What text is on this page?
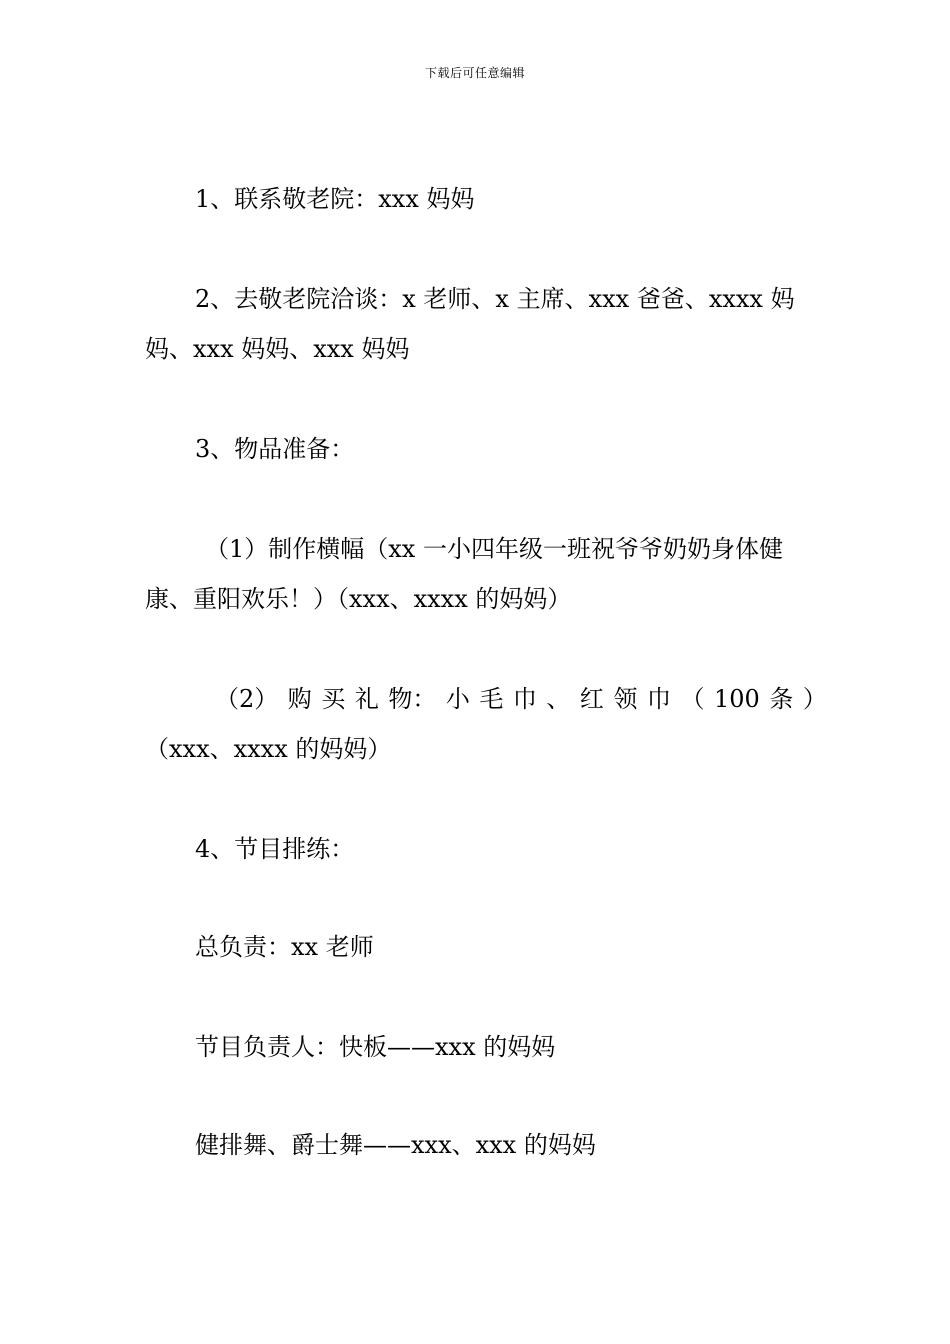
下载后可任意编辑
1、联系敬老院：xxx 妈妈
2、去敬老院洽谈：x 老师、x 主席、xxx 爸爸、xxxx 妈
妈、xxx 妈妈、xxx 妈妈
3、物品准备：
（1）制作横幅（xx 一小四年级一班祝爷爷奶奶身体健
康、重阳欢乐！）（xxx、xxxx 的妈妈）
（2） 购 买 礼 物： 小 毛 巾 、 红 领 巾 （ 100 条 ）
（xxx、xxxx 的妈妈）
4、节目排练：
总负责：xx 老师
节目负责人：快板——xxx 的妈妈
健排舞、爵士舞——xxx、xxx 的妈妈
